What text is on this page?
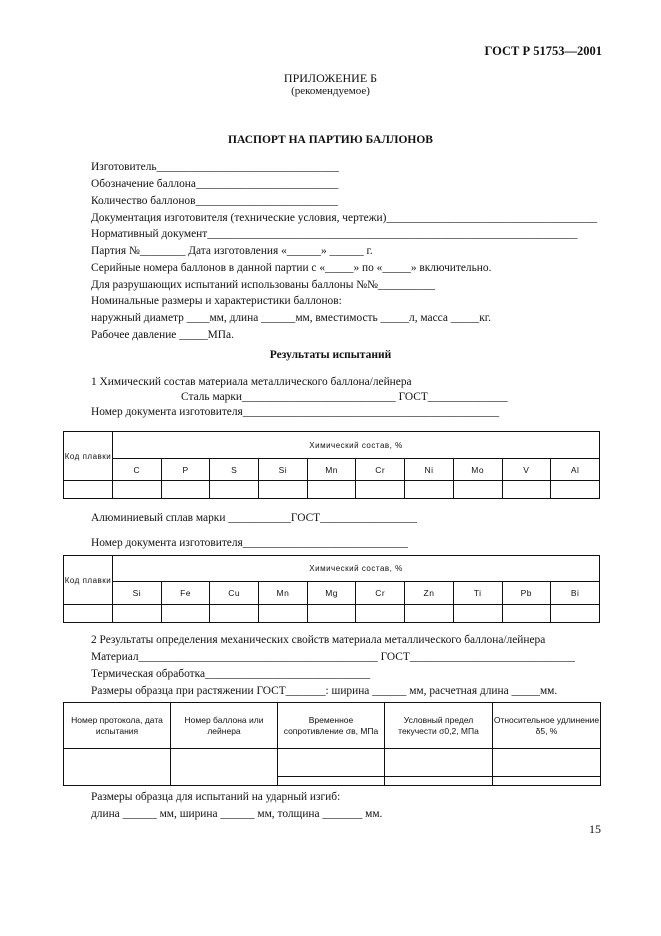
ГОСТ Р 51753—2001
ПРИЛОЖЕНИЕ Б
(рекомендуемое)
ПАСПОРТ НА ПАРТИЮ БАЛЛОНОВ
Изготовитель________________________________
Обозначение баллона_________________________
Количество баллонов_________________________
Документация изготовителя (технические условия, чертежи)_____________________________________
Нормативный документ_________________________________________________________________
Партия №________ Дата изготовления «______» ______ г.
Серийные номера баллонов в данной партии с «_____» по «_____» включительно.
Для разрушающих испытаний использованы баллоны №№__________
Номинальные размеры и характеристики баллонов:
наружный диаметр ____мм, длина ______мм, вместимость _____л, масса _____кг.
Рабочее давление _____МПа.
Результаты испытаний
1 Химический состав материала металлического баллона/лейнера
Сталь марки___________________________ ГОСТ______________
Номер документа изготовителя_____________________________________________
Код плавки	Химический состав, %									
	C	P	S	Si	Mn	Cr	Ni	Mo	V	Al

Алюминиевый сплав марки ___________ГОСТ_________________
Номер документа изготовителя_____________________________
Код плавки	Химический состав, %									
	Si	Fe	Cu	Mn	Mg	Cr	Zn	Ti	Pb	Bi

2 Результаты определения механических свойств материала металлического баллона/лейнера
Материал__________________________________________ ГОСТ_____________________________
Термическая обработка_____________________________
Размеры образца при растяжении ГОСТ_______: ширина ______ мм, расчетная длина _____мм.
Номер протокола, дата испытания	Номер баллона или лейнера	Временное сопротивление σв, МПа	Условный предел текучести σ0,2, МПа	Относительное удлинение δ5, %

Размеры образца для испытаний на ударный изгиб:
длина ______ мм, ширина ______ мм, толщина _______ мм.
15
